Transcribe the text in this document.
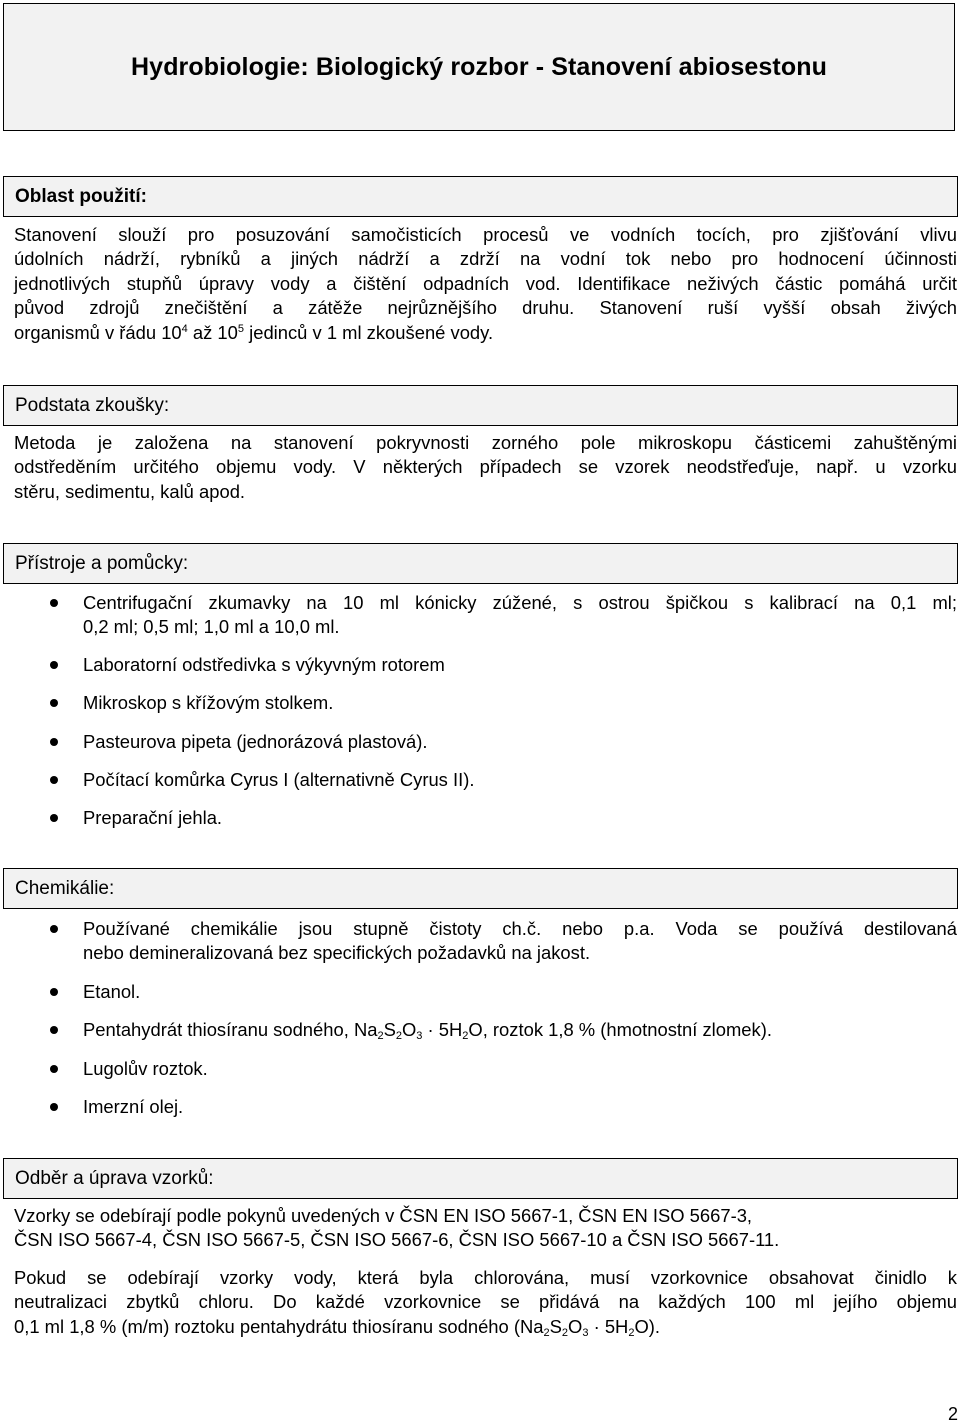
Hydrobiologie: Biologický rozbor - Stanovení abiosestonu
Oblast použití:
Stanovení slouží pro posuzování samočisticích procesů ve vodních tocích, pro zjišťování vlivu
údolních nádrží, rybníků a jiných nádrží a zdrží na vodní tok nebo pro hodnocení účinnosti
jednotlivých stupňů úpravy vody a čištění odpadních vod. Identifikace neživých částic pomáhá určit
původ zdrojů znečištění a zátěže nejrůznějšího druhu. Stanovení ruší vyšší obsah živých
organismů v řádu $10^4$ až $10^5$ jedinců v 1 ml zkoušené vody.
Podstata zkoušky:
Metoda je založena na stanovení pokryvnosti zorného pole mikroskopu částicemi zahuštěnými
odstředěním určitého objemu vody. V některých případech se vzorek neodstřeďuje, např. u vzorku
stěru, sedimentu, kalů apod.
Přístroje a pomůcky:
Centrifugační zkumavky na 10 ml kónicky zúžené, s ostrou špičkou s kalibrací na 0,1 ml;
0,2 ml; 0,5 ml; 1,0 ml a 10,0 ml.
Laboratorní odstředivka s výkyvným rotorem
Mikroskop s křížovým stolkem.
Pasteurova pipeta (jednorázová plastová).
Počítací komůrka Cyrus I (alternativně Cyrus II).
Preparační jehla.
Chemikálie:
Používané chemikálie jsou stupně čistoty ch.č. nebo p.a. Voda se používá destilovaná
nebo demineralizovaná bez specifických požadavků na jakost.
Etanol.
Pentahydrát thiosíranu sodného, $Na_2S_2O_3 \cdot 5H_2O$, roztok 1,8 % (hmotnostní zlomek).
Lugolův roztok.
Imerzní olej.
Odběr a úprava vzorků:
Vzorky se odebírají podle pokynů uvedených v ČSN EN ISO 5667-1, ČSN EN ISO 5667-3,
ČSN ISO 5667-4, ČSN ISO 5667-5, ČSN ISO 5667-6, ČSN ISO 5667-10 a ČSN ISO 5667-11.
Pokud se odebírají vzorky vody, která byla chlorována, musí vzorkovnice obsahovat činidlo k
neutralizaci zbytků chloru. Do každé vzorkovnice se přidává na každých 100 ml jejího objemu
0,1 ml 1,8 % (m/m) roztoku pentahydrátu thiosíranu sodného $(Na_2S_2O_3 \cdot 5H_2O)$.
2
